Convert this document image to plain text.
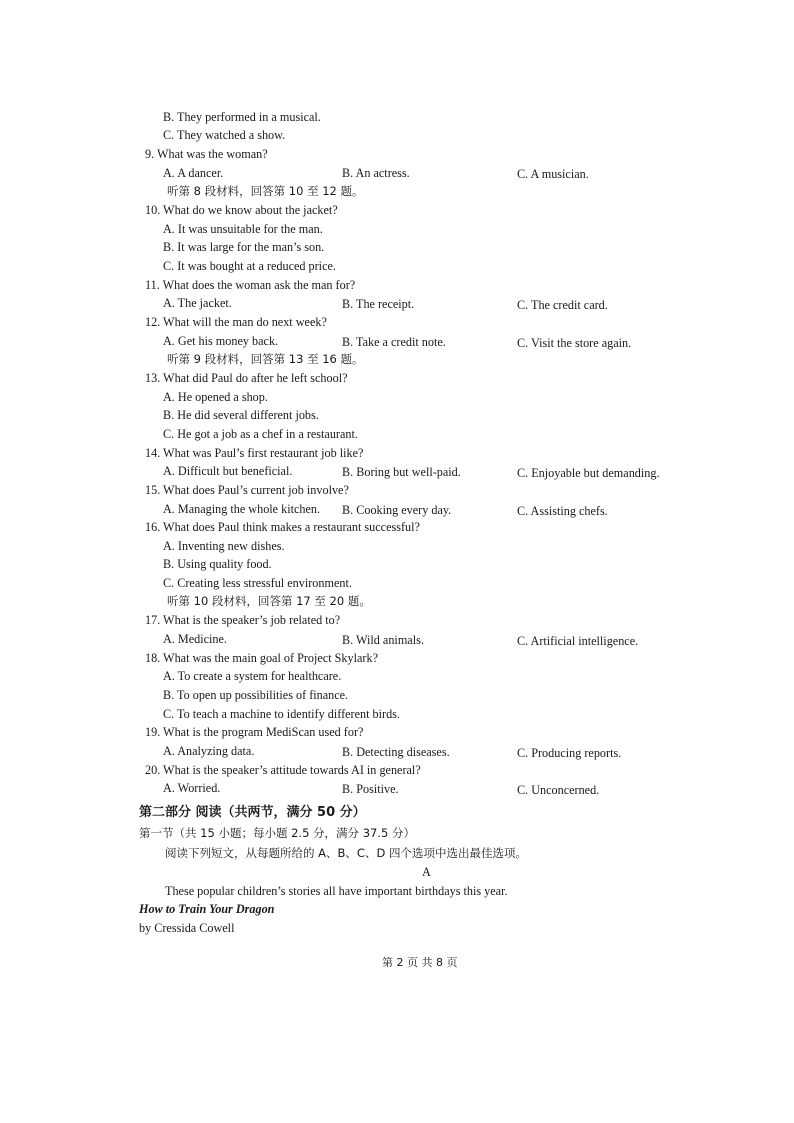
B. They performed in a musical.
C. They watched a show.
9. What was the woman?
A. A dancer.	B. An actress.	C. A musician.
听第 8 段材料，回答第 10 至 12 题。
10. What do we know about the jacket?
A. It was unsuitable for the man.
B. It was large for the man’s son.
C. It was bought at a reduced price.
11. What does the woman ask the man for?
A. The jacket.	B. The receipt.	C. The credit card.
12. What will the man do next week?
A. Get his money back.	B. Take a credit note.	C. Visit the store again.
听第 9 段材料，回答第 13 至 16 题。
13. What did Paul do after he left school?
A. He opened a shop.
B. He did several different jobs.
C. He got a job as a chef in a restaurant.
14. What was Paul’s first restaurant job like?
A. Difficult but beneficial.	B. Boring but well-paid.	C. Enjoyable but demanding.
15. What does Paul’s current job involve?
A. Managing the whole kitchen. B. Cooking every day.	C. Assisting chefs.
16. What does Paul think makes a restaurant successful?
A. Inventing new dishes.
B. Using quality food.
C. Creating less stressful environment.
听第 10 段材料，回答第 17 至 20 题。
17. What is the speaker’s job related to?
A. Medicine.	B. Wild animals.	C. Artificial intelligence.
18. What was the main goal of Project Skylark?
A. To create a system for healthcare.
B. To open up possibilities of finance.
C. To teach a machine to identify different birds.
19. What is the program MediScan used for?
A. Analyzing data.	B. Detecting diseases.	C. Producing reports.
20. What is the speaker’s attitude towards AI in general?
A. Worried.	B. Positive.	C. Unconcerned.
第二部分 阅读（共两节，满分 50 分）
第一节（共 15 小题；每小题 2.5 分，满分 37.5 分）
阅读下列短文，从每题所给的 A、B、C、D 四个选项中选出最佳选项。
A
These popular children’s stories all have important birthdays this year.
How to Train Your Dragon
by Cressida Cowell
第 2 页 共 8 页
